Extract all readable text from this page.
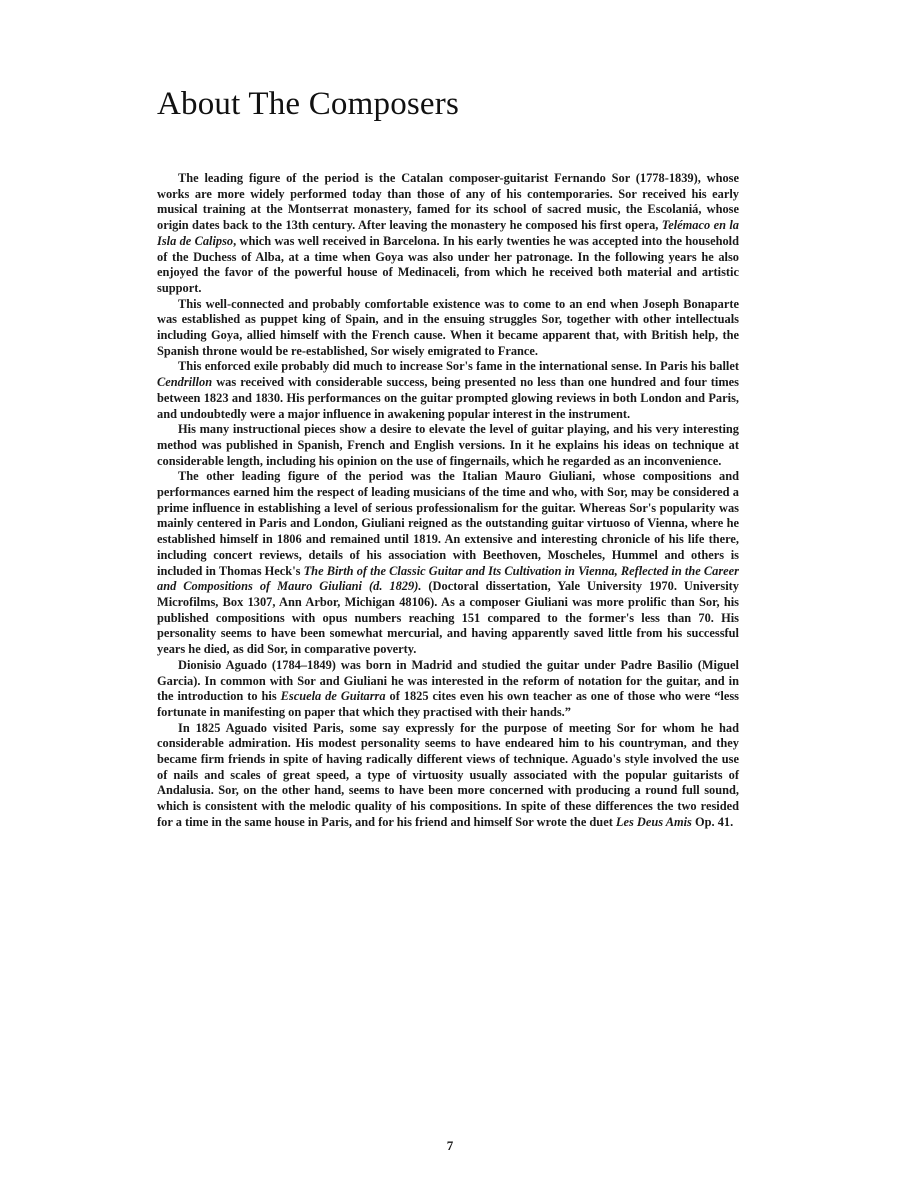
About The Composers

The leading figure of the period is the Catalan composer-guitarist Fernando Sor (1778-1839), whose works are more widely performed today than those of any of his contemporaries. Sor received his early musical training at the Montserrat monastery, famed for its school of sacred music, the Escolaniá, whose origin dates back to the 13th century. After leaving the monastery he composed his first opera, Telémaco en la Isla de Calipso, which was well received in Barcelona. In his early twenties he was accepted into the household of the Duchess of Alba, at a time when Goya was also under her patronage. In the following years he also enjoyed the favor of the powerful house of Medinaceli, from which he received both material and artistic support.

This well-connected and probably comfortable existence was to come to an end when Joseph Bonaparte was established as puppet king of Spain, and in the ensuing struggles Sor, together with other intellectuals including Goya, allied himself with the French cause. When it became apparent that, with British help, the Spanish throne would be re-established, Sor wisely emigrated to France.

This enforced exile probably did much to increase Sor's fame in the international sense. In Paris his ballet Cendrillon was received with considerable success, being presented no less than one hundred and four times between 1823 and 1830. His performances on the guitar prompted glowing reviews in both London and Paris, and undoubtedly were a major influence in awakening popular interest in the instrument.

His many instructional pieces show a desire to elevate the level of guitar playing, and his very interesting method was published in Spanish, French and English versions. In it he explains his ideas on technique at considerable length, including his opinion on the use of fingernails, which he regarded as an inconvenience.

The other leading figure of the period was the Italian Mauro Giuliani, whose compositions and performances earned him the respect of leading musicians of the time and who, with Sor, may be considered a prime influence in establishing a level of serious professionalism for the guitar. Whereas Sor's popularity was mainly centered in Paris and London, Giuliani reigned as the outstanding guitar virtuoso of Vienna, where he established himself in 1806 and remained until 1819. An extensive and interesting chronicle of his life there, including concert reviews, details of his association with Beethoven, Moscheles, Hummel and others is included in Thomas Heck's The Birth of the Classic Guitar and Its Cultivation in Vienna, Reflected in the Career and Compositions of Mauro Giuliani (d. 1829). (Doctoral dissertation, Yale University 1970. University Microfilms, Box 1307, Ann Arbor, Michigan 48106). As a composer Giuliani was more prolific than Sor, his published compositions with opus numbers reaching 151 compared to the former's less than 70. His personality seems to have been somewhat mercurial, and having apparently saved little from his successful years he died, as did Sor, in comparative poverty.

Dionisio Aguado (1784–1849) was born in Madrid and studied the guitar under Padre Basilio (Miguel Garcia). In common with Sor and Giuliani he was interested in the reform of notation for the guitar, and in the introduction to his Escuela de Guitarra of 1825 cites even his own teacher as one of those who were “less fortunate in manifesting on paper that which they practised with their hands.”

In 1825 Aguado visited Paris, some say expressly for the purpose of meeting Sor for whom he had considerable admiration. His modest personality seems to have endeared him to his countryman, and they became firm friends in spite of having radically different views of technique. Aguado's style involved the use of nails and scales of great speed, a type of virtuosity usually associated with the popular guitarists of Andalusia. Sor, on the other hand, seems to have been more concerned with producing a round full sound, which is consistent with the melodic quality of his compositions. In spite of these differences the two resided for a time in the same house in Paris, and for his friend and himself Sor wrote the duet Les Deus Amis Op. 41.

7
